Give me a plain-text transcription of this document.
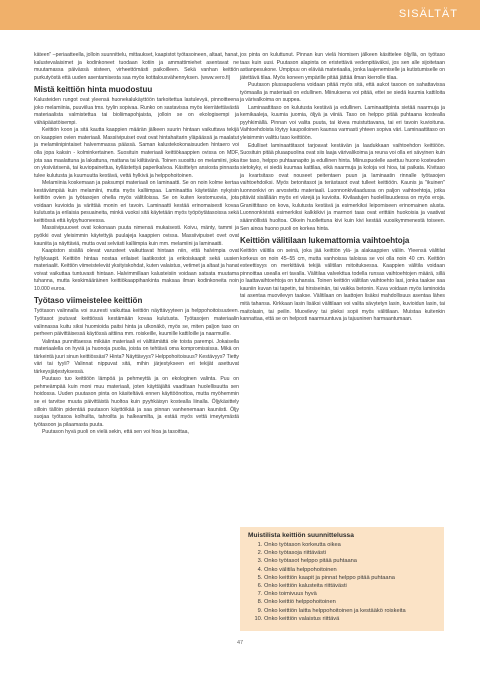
SISÄLTÄT

käteen" –periaatteella, jolloin suunnittelu, mittaukset, kaapistot työtasoineen, altaat, hanat, kalustevalaisimet ja kodinkoneet tuodaan kotiin ja ammattimiehet asentavat ne muutamassa päivässä sisteen, virheettömästi paikoilleen. Sekä vanhan keittiön purkutyöstä että uuden asentamisesta saa myös kotitalousvähennyksen. (www.vero.fi)

Mistä keittiön hinta muodostuu

Kalusteiden rungot ovat yleensä huonekalukäyttöön tarkoitettua lastulevyä, pinnoitteena joko melamiinia, puuviilua tms. tyylin sopivaa. Runko on sastavissa myös kierrätettävästä materiaalista valmistettua tai bioliimapohjaista, jolloin se on ekologisempi ja vähäpäästöisempi.

Keittiön koon ja sitä kautta kaappien määrän jälkeen suurin hintaan vaikuttava tekijä on kaappien ovien materiaali. Massiivipuiset ovat ovat hintahaitarin yläpäässä ja maalatut ja melamiinipintaiset halvemmassa päässä. Saman kalustekokonaisuuden hintaero voi olla jopa kaksin - kolminkertainen. Suosituin materiaali keittiökaappien ovissa on MDF, jota saa maalattuna ja lakattuna, mattana tai kiiltävänä. Toinen suosittu on melamiini, joka on yksivärisenä, tai kuviopainettua, kyllästettyä paperikalvoa. Käsittelyn ansiosta pinnasta tulee kulutusta ja kuumuutta kestävä, vettä hylkivä ja helppohoitoinen.

Melamiinia koskemaan ja paksumpi materiaali on laminaatti. Se on noin kolme kertaa kestävämpää kuin melamiini, mutta myös kalliimpaa. Laminaattia käytetään nykyisin keittiön ovien ja työtasojen ohella myös välitiloissa. Se on kuiten kestomuovia, jota voidaan kuvioida ja värittää monin eri tavoin. Laminaatti kestää erinomaisesti kovaa kulutusta ja erilaisia pesuaineita, minkä vuoksi sitä käytetään myös työpöytätasoissa sekä keittiössä että kylpyhuoneessa.

Massiivipuuovet ovat kokonaan puuta nimensä mukaisesti. Koivu, mänty, tammi ja pyökki ovat yleisimmin käytettyjä puulajeja kaappien ovissa. Massiivipuiset ovet ovat kauniita ja näyttäviä, mutta ovat selvästi kalliimpia kuin mm. melamiini ja laminaatti.

Kaapiston sisällä olevat varusteet vaikuttavat hintaan niin, että halvimpia ovat hyllykaapit. Keittiön hintaa nostaa erilaiset laatikostot ja erikoiskaapit sekä uusien materiaalit. Keittiön viimeistelevät yksityiskohdat, kuten valaistus, vetimet ja altaat ja hanat voivat vaikuttaa tuntuvasti hintaan. Halvimmillaan kalusteisiin voidaan satsata muutama tuhanna, mutta keskimääräinen keittiökaappihankinta maksaa ilman kodinkoneita noin 10.000 euroa.

Työtaso viimeistelee keittiön

Työtason valinnalla voi suuresti vaikuttaa keittiön näyttävyyteen ja helppohoitoisuuteen. Työtasot joutuvat keittiössä kestämään kovaa kulutusta. Työtasojen materiaalin valinnassa kuitu siksi huomioida paitsi hinta ja ulkonäkö, myös se, miten paljon taso on perheen päivittäisessä käytössä aittiina mm. roiskeille, kuumille kattiloille ja naarmuille.

Valintaa punnittaessa mikään materiaali ei välttämättä ole toista parempi. Jokaisella materiaalella on hyviä ja huonoja puolia, joista on tehtävä oma kompromississa. Mikä on tärkeintä juuri sinun keittiössäsi? Hinta? Näyttävyys? Helppohoitoisuus? Kestävyys? Tietty väri tai tyyli? Valinnat nippuvat sitä, mihin järjestykseen eri tekijät asettuvat tärkeysjärjestyksessä.

Puutaso tuo keittiöön lämpöä ja pehmeyttä ja on ekologinen valinta. Puu on pehmeämpää kuin moni muu materiaali, joten käyttäjältä vaaditaan huolellisuutta sen hoidossa. Uuden puutason pinta on käsiteltävä ennen käyttöönottoa, mutta myöhemmin se ei tarvitse muuta päivittäistä huoltoa kuin pyyhkäisyn kostealla liinalla. Öljykäsittely silloin tällöin pidentää puutason käyttöikää ja saa pinnan vanhenemaan kauniisti. Öljy suojaa työtasoa kolhuilta, tahroilta ja halkeamilta, ja estää myös vettä imeytymästä työtasoon ja pilaamasta puuta.

Puutason hyvä puoli on vielä sekin, että sen voi hioa ja tasoittaa,

jos pinta on kuluttunut. Pinnan kun vielä hiomisen jälkeen käsittelee öljyllä, on työtaso taas kuin uusi. Puutason alapinta on eristettävä vedenpitäväksi, jos sen alle sijoitetaan astianpesukone. Umpipuu on elävää materiaalia, jonka laajenemiselle ja kutistumiselle on jätettävä tilaa. Myös koneen ympärille pitää jättää ilman kierrolle tilaa.

Puutason plussapuolena voidaan pitää myös sitä, että aukot tasoon on sahattavissa työmaalla ja materiaali on edullinen. Miinuksena voi pitää, ettei se siedä kuumia kattiloita ja värivalkoima on suppea.

Laminaattitaso on kulutusta kestävä ja edullinen. Laminaattipinta sietää naarmuja ja kemikaaleja, kuumia juomia, öljyä ja viiniä. Taso on helppo pitää puhtaana kostealla pyyhkimällä. Pinnan voi valita puuta, tai kivea muistuttavana, tai eri tavoin kuvioituna. Vaihtoehdoista löytyy kaupoiloinen kaunsa varmasti yhteen sopiva väri. Laminaattitaso on yleisimmin valittu taso keittiöön.

Edulliset laminaattitasot tarjoavat kestävän ja laadukkaan vaihtoehdon keittiöön. Suosituin pitää pluaapuolina ovat siis laaja värivalikoima ja reuna voi olla eri sävyinen kuin itse taso, helppo puhtaanapito ja edullinen hinta. Miinuspuolelle asettuu huono kosteuden sietokyky, ei siedä kuumaa kattilaa, eikä naarmuja ja koloja voi hioa, tai paikata. Kivitaso ja kvartsitaso ovat nouseet peitentaen puun ja laminaatin rinnalle työtasojen vaihtoehdoiksi. Myös betonitasot ja terästasot ovat tulleet keittiöön. Kaunis ja "ikuinen" luonnonkivi on arvostettu materiaali. Luonnonkivilaadussa on paljon vaihtoehtoja, jotka pitävät sisällään myös eri värejä ja kuvioita. Kivilaatujen huolellisuudessa on myös eroja. Graniittitaso on kova, kulutusta kestävä ja esimerkiksi leipomiseen erinomainen alusta. Luonnonkivistä esimerkiksi kalkkikivi ja marmori taas ovat erittäin huokoisia ja vaativat säännöllistä huoltoa. Oikein huollettuna kivi kuin kivi kestää vuosikymmenestä toiseen. Sen ainoa huono puoli on korkea hinta.

Keittiön välitilaan lukemattomia vaihtoehtoja

Keittiön välitila on seinä, joka jää keittiön ylä- ja alakaappien väliin. Yleensä välitilat korkeus on noin 45–55 cm, mutta vanhoissa taloissa se voi olla noin 40 cm. Keittiön esteettisyys on merkittävä tekijä välitilan mitoituksessa. Kaappien välitila voidaan pinnoittaa usealla eri tavalla. Välitilaa valvekttua todella runsas vaihtoehtojen määrä, sillä jo laattavaihtoehtoja on tuhansia. Toinen keittiön välitilan vaihtoehto lasi, jonka taakse saa kauniin kuvan tai tapetin, tai hirsiseinän, tai vaikka betonin. Kuva voidaan myös laminoida tai asentaa muovilevyn taakse. Välitilaan on laattojen lisäksi mahdollisuus asentaa lähes mitä tahansa. Kirkkaan lasin lisäksi välitilaan voi valita sävytetyn lasin, kuvioidun lasin, tai maitolasin, tai peilin. Muovilevy tai pleksi sopii myös välitilaan. Muistaa kuitenkin kannattaa, että se on helposti naarmuuntuva ja tajuuninen harmaantumaan.

Muistilista keittiön suunnittelussa
1. Onko työtason korkeutta oikea
2. Onko työtasoja riittävästi
3. Onko työtasot helppo pitää puhtaana
4. Onko välitila helppohoitoinen
5. Onko keittiön kaapit ja pinnat helppo pitää puhtaana
6. Onko keittiön kalusteita riittävästi
7. Onko toimivuus hyvä
8. Onko keittiö helppohoitoinen
9. Onko keittiön laitta helppohoitoinen ja kestääkö roiskeita
10. Onko keittiön valaistus riittävä
47
